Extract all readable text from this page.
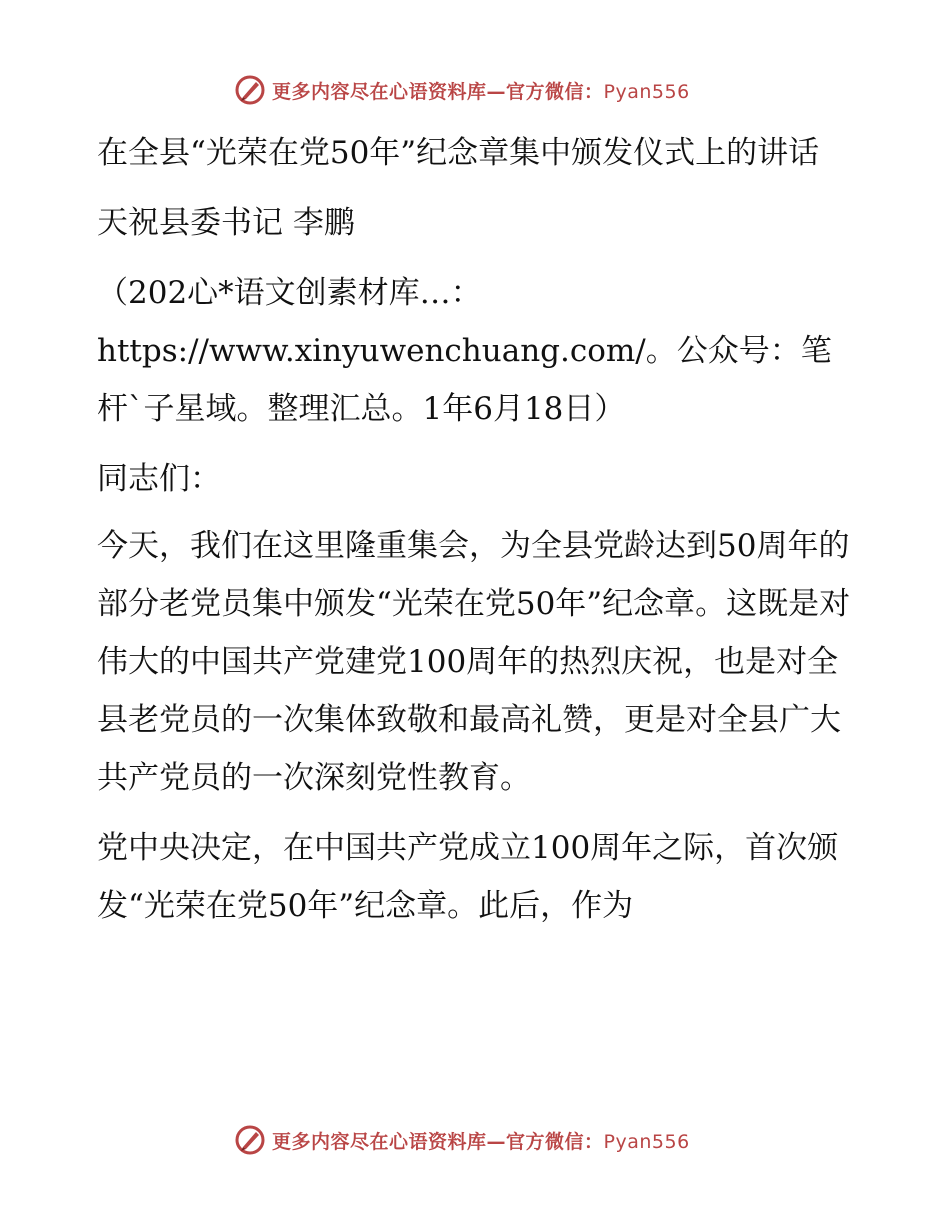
更多内容尽在心语资料库—官方微信：Pyan556

在全县“光荣在党50年”纪念章集中颁发仪式上的讲话

天祝县委书记 李鹏

（202心*语文创素材库…：https://www.xinyuwenchuang.com/。公众号：笔杆`子星域。整理汇总。1年6月18日）

同志们：

今天，我们在这里隆重集会，为全县党龄达到50周年的部分老党员集中颁发“光荣在党50年”纪念章。这既是对伟大的中国共产党建党100周年的热烈庆祝，也是对全县老党员的一次集体致敬和最高礼赞，更是对全县广大共产党员的一次深刻党性教育。

党中央决定，在中国共产党成立100周年之际，首次颁发“光荣在党50年”纪念章。此后，作为

更多内容尽在心语资料库—官方微信：Pyan556
